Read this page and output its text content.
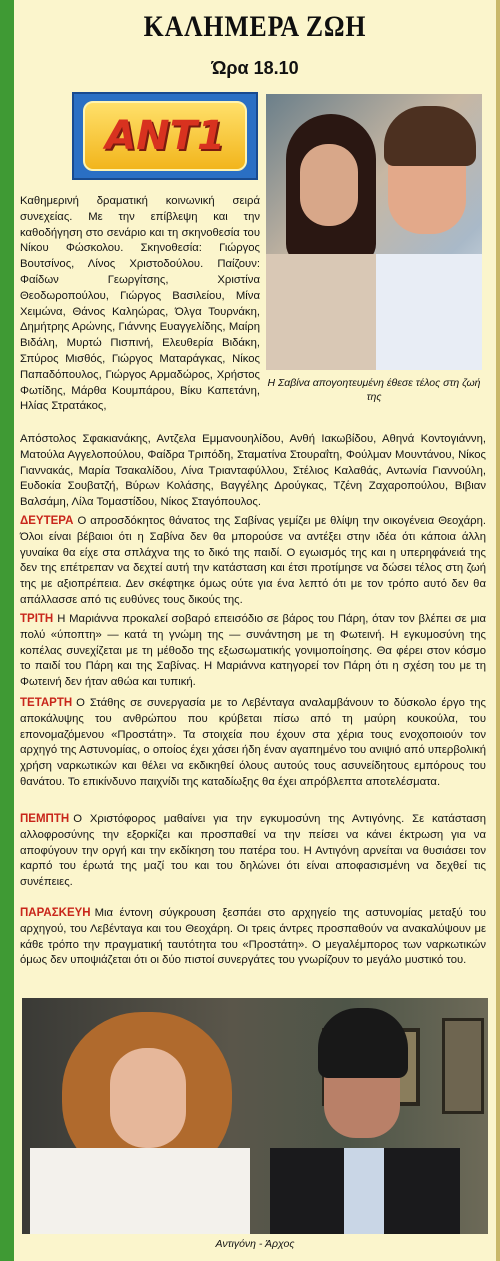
ΚΑΛΗΜΕΡΑ ΖΩΗ
Ώρα 18.10
ANT1
Η Σαβίνα απογοητευμένη έθεσε τέλος στη ζωή της
Καθημερινή δραματική κοινωνική σειρά συνεχείας. Με την επίβλεψη και την καθοδήγηση στο σενάριο και τη σκηνοθεσία του Νίκου Φώσκολου. Σκηνοθεσία: Γιώργος Βουτσίνος, Λίνος Χριστοδούλου. Παίζουν: Φαίδων Γεωργίτσης, Χριστίνα Θεοδωροπούλου, Γιώργος Βασιλείου, Μίνα Χειμώνα, Θάνος Καληώρας, Όλγα Τουρνάκη, Δημήτρης Αρώνης, Γιάννης Ευαγγελίδης, Μαίρη Βιδάλη, Μυρτώ Πισπινή, Ελευθερία Βιδάκη, Σπύρος Μισθός, Γιώργος Ματαράγκας, Νίκος Παπαδόπουλος, Γιώργος Αρμαδώρος, Χρήστος Φωτίδης, Μάρθα Κουμπάρου, Βίκυ Καπετάνη, Ηλίας Στρατάκος,
Απόστολος Σφακιανάκης, Αντζελα Εμμανουηλίδου, Ανθή Ιακωβίδου, Αθηνά Κοντογιάννη, Ματούλα Αγγελοπούλου, Φαίδρα Τριπόδη, Σταματίνα Στουραΐτη, Φούλμαν Μουντάνου, Νίκος Γιαννακάς, Μαρία Τσακαλίδου, Λίνα Τριανταφύλλου, Στέλιος Καλαθάς, Αντωνία Γιαννούλη, Ευδοκία Σουβατζή, Βύρων Κολάσης, Βαγγέλης Δρούγκας, Τζένη Ζαχαροπούλου, Βιβιαν Βαλσάμη, Λίλα Τομαστίδου, Νίκος Σταγόπουλος.
ΔΕΥΤΕΡΑ Ο απροσδόκητος θάνατος της Σαβίνας γεμίζει με θλίψη την οικογένεια Θεοχάρη. Όλοι είναι βέβαιοι ότι η Σαβίνα δεν θα μπορούσε να αντέξει στην ιδέα ότι κάποια άλλη γυναίκα θα είχε στα σπλάχνα της το δικό της παιδί. Ο εγωισμός της και η υπερηφάνειά της δεν της επέτρεπαν να δεχτεί αυτή την κατάσταση και έτσι προτίμησε να δώσει τέλος στη ζωή της με αξιοπρέπεια. Δεν σκέφτηκε όμως ούτε για ένα λεπτό ότι με τον τρόπο αυτό δεν θα απάλλασσε από τις ευθύνες τους δικούς της.
ΤΡΙΤΗ Η Μαριάννα προκαλεί σοβαρό επεισόδιο σε βάρος του Πάρη, όταν τον βλέπει σε μια πολύ «ύποπτη» — κατά τη γνώμη της — συνάντηση με τη Φωτεινή. Η εγκυμοσύνη της κοπέλας συνεχίζεται με τη μέθοδο της εξωσωματικής γονιμοποίησης. Θα φέρει στον κόσμο το παιδί του Πάρη και της Σαβίνας. Η Μαριάννα κατηγορεί τον Πάρη ότι η σχέση του με τη Φωτεινή δεν ήταν αθώα και τυπική.
ΤΕΤΑΡΤΗ Ο Στάθης σε συνεργασία με το Λεβένταγα αναλαμβάνουν το δύσκολο έργο της αποκάλυψης του ανθρώπου που κρύβεται πίσω από τη μαύρη κουκούλα, του επονομαζόμενου «Προστάτη». Τα στοιχεία που έχουν στα χέρια τους ενοχοποιούν τον αρχηγό της Αστυνομίας, ο οποίος έχει χάσει ήδη έναν αγαπημένο του ανιψιό από υπερβολική χρήση ναρκωτικών και θέλει να εκδικηθεί όλους αυτούς τους ασυνείδητους εμπόρους του θανάτου. Το επικίνδυνο παιχνίδι της καταδίωξης θα έχει απρόβλεπτα αποτελέσματα.
ΠΕΜΠΤΗ Ο Χριστόφορος μαθαίνει για την εγκυμοσύνη της Αντιγόνης. Σε κατάσταση αλλοφροσύνης την εξορκίζει και προσπαθεί να την πείσει να κάνει έκτρωση για να αποφύγουν την οργή και την εκδίκηση του πατέρα του. Η Αντιγόνη αρνείται να θυσιάσει τον καρπό του έρωτά της μαζί του και του δηλώνει ότι είναι αποφασισμένη να δεχθεί τις συνέπειες.
ΠΑΡΑΣΚΕΥΗ Μια έντονη σύγκρουση ξεσπάει στο αρχηγείο της αστυνομίας μεταξύ του αρχηγού, του Λεβένταγα και του Θεοχάρη. Οι τρεις άντρες προσπαθούν να ανακαλύψουν με κάθε τρόπο την πραγματική ταυτότητα του «Προστάτη». Ο μεγαλέμπορος των ναρκωτικών όμως δεν υποψιάζεται ότι οι δύο πιστοί συνεργάτες του γνωρίζουν το μεγάλο μυστικό του.
Αντιγόνη - Άρχος
